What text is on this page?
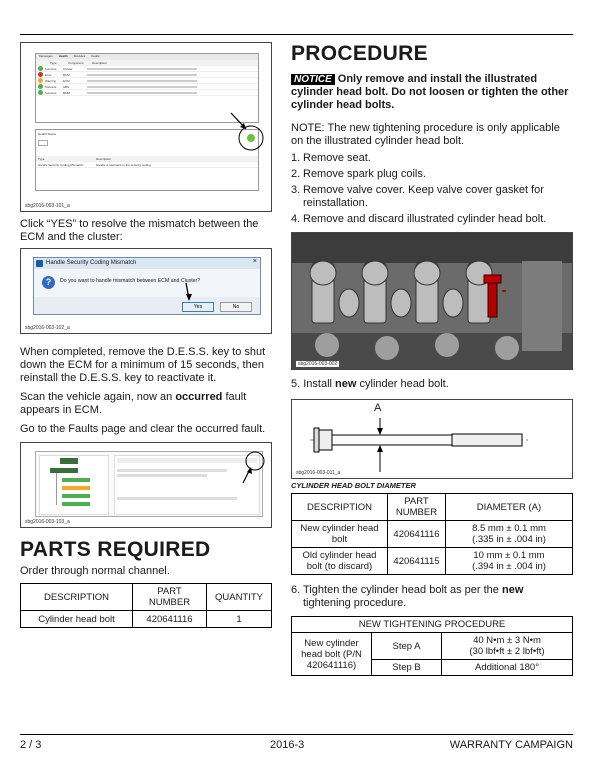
Messages Health Modules Faults
Type	Component	Description
Success	Cluster
Error	BCM
Warning	ECM
Success	ABS
Success	BMM
Health Status
Type	Description
Handle Security Coding Mismatch	Handle a mismatch in the security coding.
sbg2016-003-101_a

Click “YES” to resolve the mismatch between the ECM and the cluster:

Handle Security Coding Mismatch	×
?	Do you want to handle mismatch between ECM and Cluster?
Yes	No
sbg2016-003-102_a

When completed, remove the D.E.S.S. key to shut down the ECM for a minimum of 15 seconds, then reinstall the D.E.S.S. key to reactivate it.

Scan the vehicle again, now an occurred fault appears in ECM.

Go to the Faults page and clear the occurred fault.

sbg2016-003-103_a
PARTS REQUIRED

Order through normal channel.

DESCRIPTION	PART NUMBER	QUANTITY
Cylinder head bolt	420641116	1
PROCEDURE

NOTICE Only remove and install the illustrated cylinder head bolt. Do not loosen or tighten the other cylinder head bolts.

NOTE: The new tightening procedure is only applicable on the illustrated cylinder head bolt.

1. Remove seat.
2. Remove spark plug coils.
3. Remove valve cover. Keep valve cover gasket for reinstallation.
4. Remove and discard illustrated cylinder head bolt.
sbg2016-003-002

5. Install new cylinder head bolt.

A
sbg2016-003-011_a
CYLINDER HEAD BOLT DIAMETER
DESCRIPTION	PART NUMBER	DIAMETER (A)
New cylinder head bolt	420641116	8.5 mm ± 0.1 mm
(.335 in ± .004 in)

Old cylinder head bolt (to discard)	420641115	10 mm ± 0.1 mm
(.394 in ± .004 in)

6. Tighten the cylinder head bolt as per the new tightening procedure.

NEW TIGHTENING PROCEDURE		
New cylinder head bolt (P/N 420641116)	Step A	40 N•m ± 3 N•m
(30 lbf•ft ± 2 lbf•ft)

	Step B	Additional 180°
2 / 3	2016-3	WARRANTY CAMPAIGN
